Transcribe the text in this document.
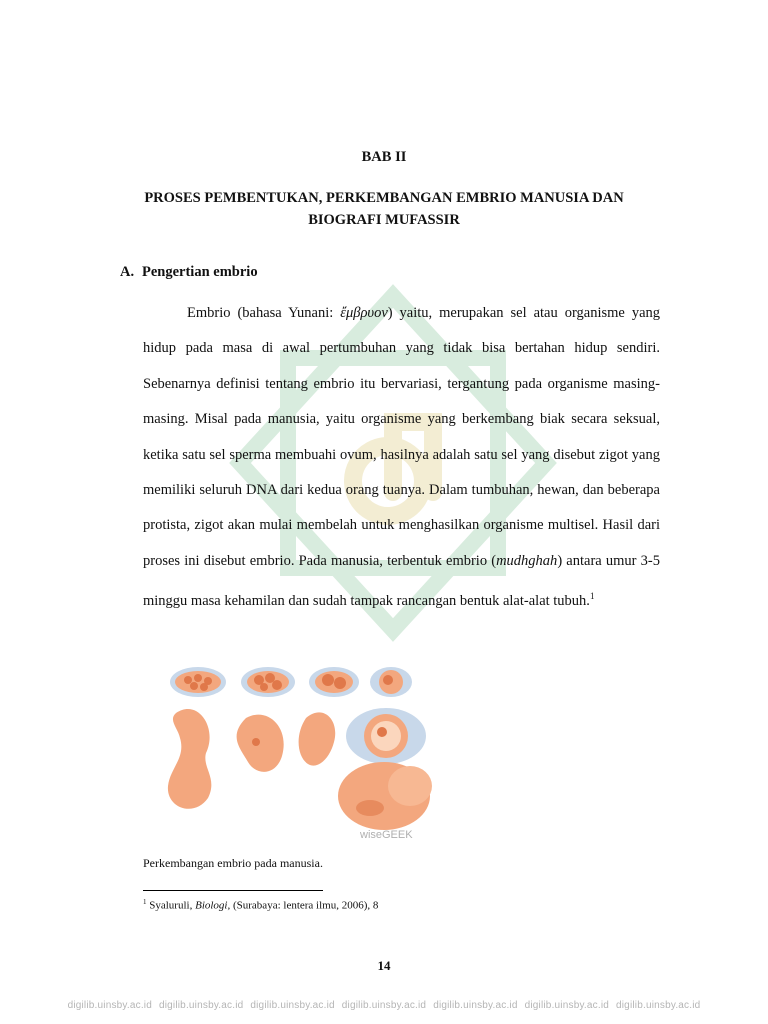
BAB II
PROSES PEMBENTUKAN, PERKEMBANGAN EMBRIO MANUSIA DAN
BIOGRAFI MUFASSIR
A. Pengertian embrio

Embrio (bahasa Yunani: ἔμβρυον) yaitu, merupakan sel atau organisme yang hidup pada masa di awal pertumbuhan yang tidak bisa bertahan hidup sendiri. Sebenarnya definisi tentang embrio itu bervariasi, tergantung pada organisme masing-masing. Misal pada manusia, yaitu organisme yang berkembang biak secara seksual, ketika satu sel sperma membuahi ovum, hasilnya adalah satu sel yang disebut zigot yang memiliki seluruh DNA dari kedua orang tuanya. Dalam tumbuhan, hewan, dan beberapa protista, zigot akan mulai membelah untuk menghasilkan organisme multisel. Hasil dari proses ini disebut embrio. Pada manusia, terbentuk embrio (mudhghah) antara umur 3-5 minggu masa kehamilan dan sudah tampak rancangan bentuk alat-alat tubuh.$^1$

wiseGEEK
Perkembangan embrio pada manusia.
$^1$ Syaluruli, Biologi, (Surabaya: lentera ilmu, 2006), 8
14
digilib.uinsby.ac.id digilib.uinsby.ac.id digilib.uinsby.ac.id digilib.uinsby.ac.id digilib.uinsby.ac.id digilib.uinsby.ac.id digilib.uinsby.ac.id
